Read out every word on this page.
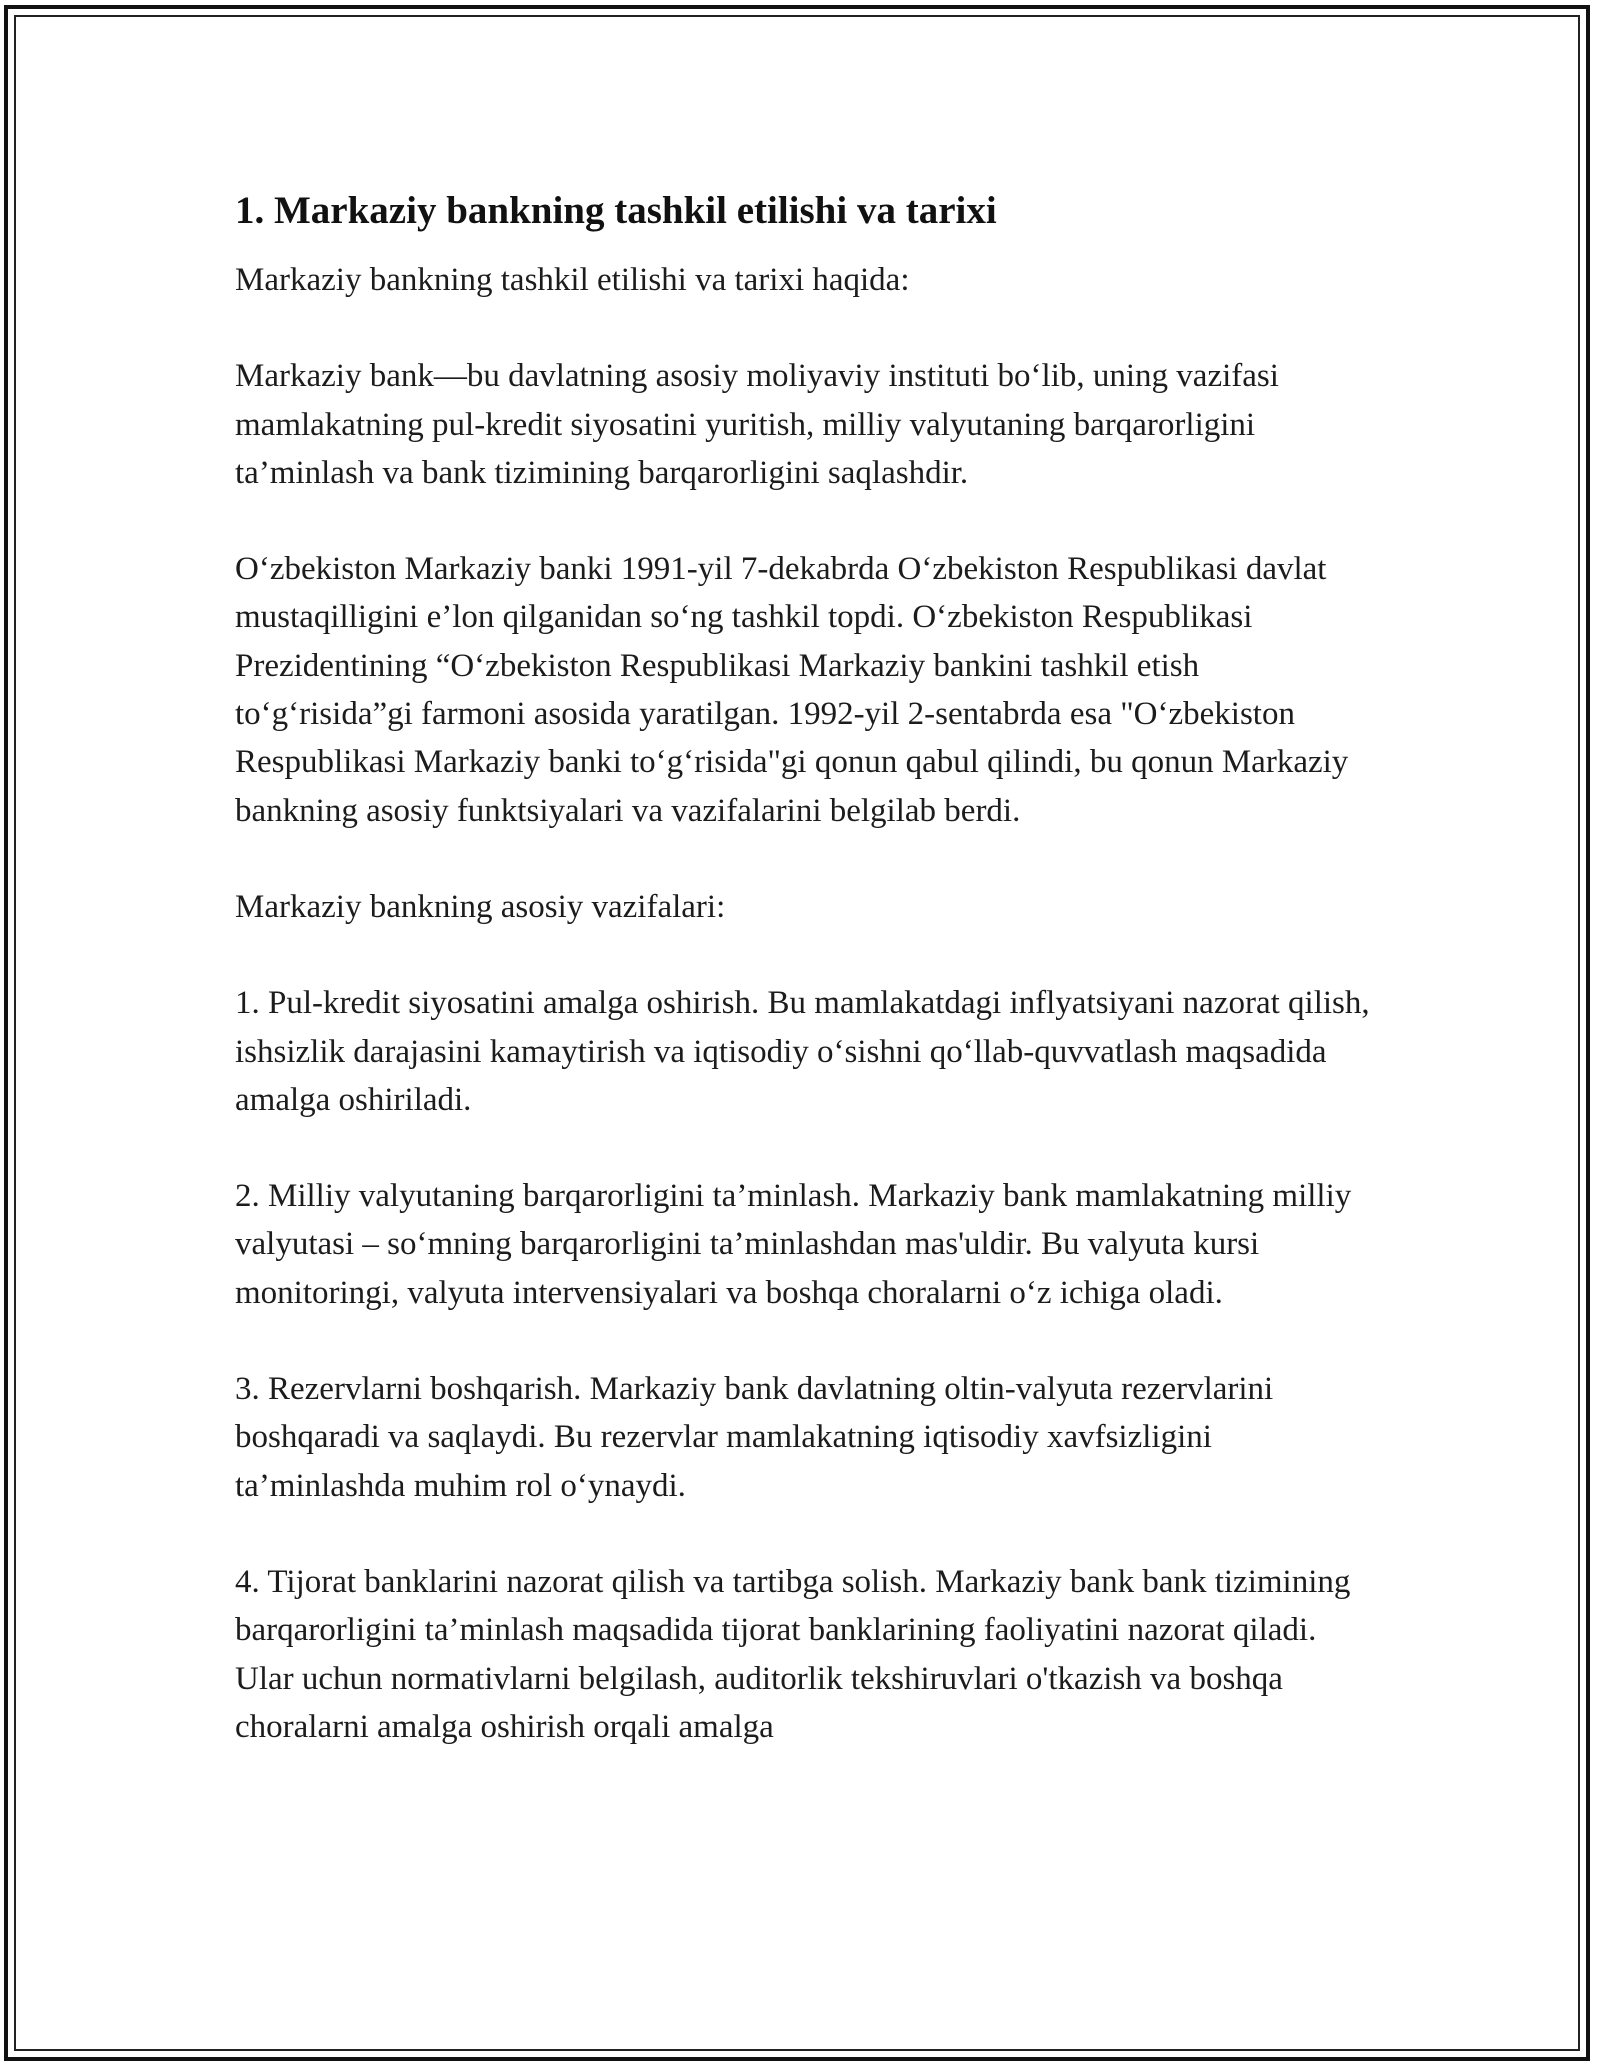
1. Markaziy bankning tashkil etilishi va tarixi

Markaziy bankning tashkil etilishi va tarixi haqida:

Markaziy bank—bu davlatning asosiy moliyaviy instituti bo‘lib, uning vazifasi mamlakatning pul-kredit siyosatini yuritish, milliy valyutaning barqarorligini ta’minlash va bank tizimining barqarorligini saqlashdir.

O‘zbekiston Markaziy banki 1991-yil 7-dekabrda O‘zbekiston Respublikasi davlat mustaqilligini e’lon qilganidan so‘ng tashkil topdi. O‘zbekiston Respublikasi Prezidentining “O‘zbekiston Respublikasi Markaziy bankini tashkil etish to‘g‘risida”gi farmoni asosida yaratilgan. 1992-yil 2-sentabrda esa "O‘zbekiston Respublikasi Markaziy banki to‘g‘risida"gi qonun qabul qilindi, bu qonun Markaziy bankning asosiy funktsiyalari va vazifalarini belgilab berdi.

Markaziy bankning asosiy vazifalari:

1. Pul-kredit siyosatini amalga oshirish. Bu mamlakatdagi inflyatsiyani nazorat qilish, ishsizlik darajasini kamaytirish va iqtisodiy o‘sishni qo‘llab-quvvatlash maqsadida amalga oshiriladi.

2. Milliy valyutaning barqarorligini ta’minlash. Markaziy bank mamlakatning milliy valyutasi – so‘mning barqarorligini ta’minlashdan mas'uldir. Bu valyuta kursi monitoringi, valyuta intervensiyalari va boshqa choralarni o‘z ichiga oladi.

3. Rezervlarni boshqarish. Markaziy bank davlatning oltin-valyuta rezervlarini boshqaradi va saqlaydi. Bu rezervlar mamlakatning iqtisodiy xavfsizligini ta’minlashda muhim rol o‘ynaydi.

4. Tijorat banklarini nazorat qilish va tartibga solish. Markaziy bank bank tizimining barqarorligini ta’minlash maqsadida tijorat banklarining faoliyatini nazorat qiladi. Ular uchun normativlarni belgilash, auditorlik tekshiruvlari o'tkazish va boshqa choralarni amalga oshirish orqali amalga
